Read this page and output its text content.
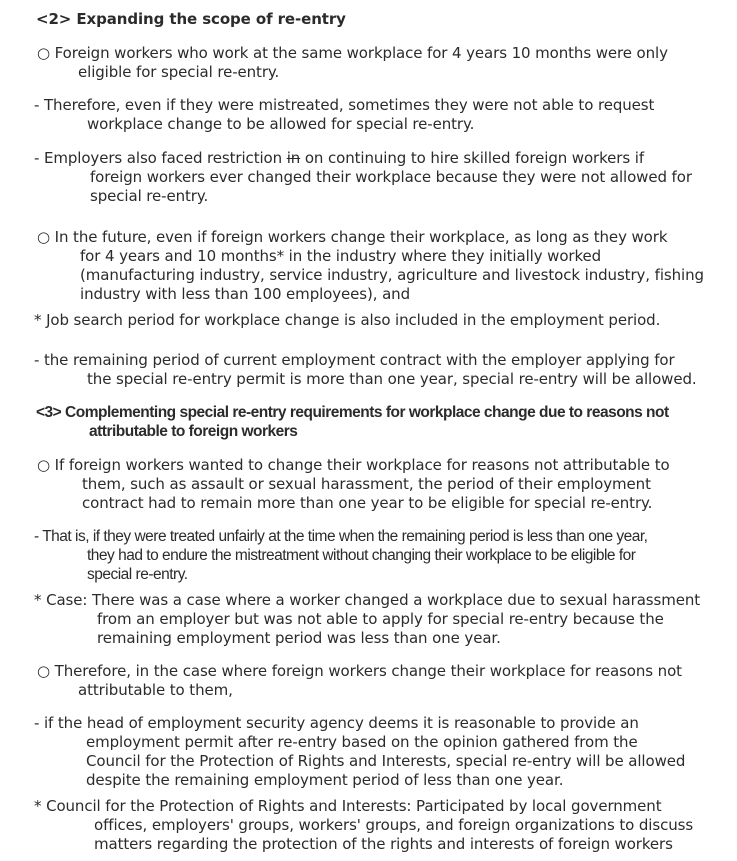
<2> Expanding the scope of re-entry
○ Foreign workers who work at the same workplace for 4 years 10 months were only
eligible for special re-entry.
- Therefore, even if they were mistreated, sometimes they were not able to request
workplace change to be allowed for special re-entry.
- Employers also faced restriction in on continuing to hire skilled foreign workers if
foreign workers ever changed their workplace because they were not allowed for
special re-entry.
○ In the future, even if foreign workers change their workplace, as long as they work
for 4 years and 10 months* in the industry where they initially worked
(manufacturing industry, service industry, agriculture and livestock industry, fishing
industry with less than 100 employees), and
* Job search period for workplace change is also included in the employment period.
- the remaining period of current employment contract with the employer applying for
the special re-entry permit is more than one year, special re-entry will be allowed.
<3> Complementing special re-entry requirements for workplace change due to reasons not
attributable to foreign workers
○ If foreign workers wanted to change their workplace for reasons not attributable to
them, such as assault or sexual harassment, the period of their employment
contract had to remain more than one year to be eligible for special re-entry.
- That is, if they were treated unfairly at the time when the remaining period is less than one year,
they had to endure the mistreatment without changing their workplace to be eligible for
special re-entry.
* Case: There was a case where a worker changed a workplace due to sexual harassment
from an employer but was not able to apply for special re-entry because the
remaining employment period was less than one year.
○ Therefore, in the case where foreign workers change their workplace for reasons not
attributable to them,
- if the head of employment security agency deems it is reasonable to provide an
employment permit after re-entry based on the opinion gathered from the
Council for the Protection of Rights and Interests, special re-entry will be allowed
despite the remaining employment period of less than one year.
* Council for the Protection of Rights and Interests: Participated by local government
offices, employers' groups, workers' groups, and foreign organizations to discuss
matters regarding the protection of the rights and interests of foreign workers
